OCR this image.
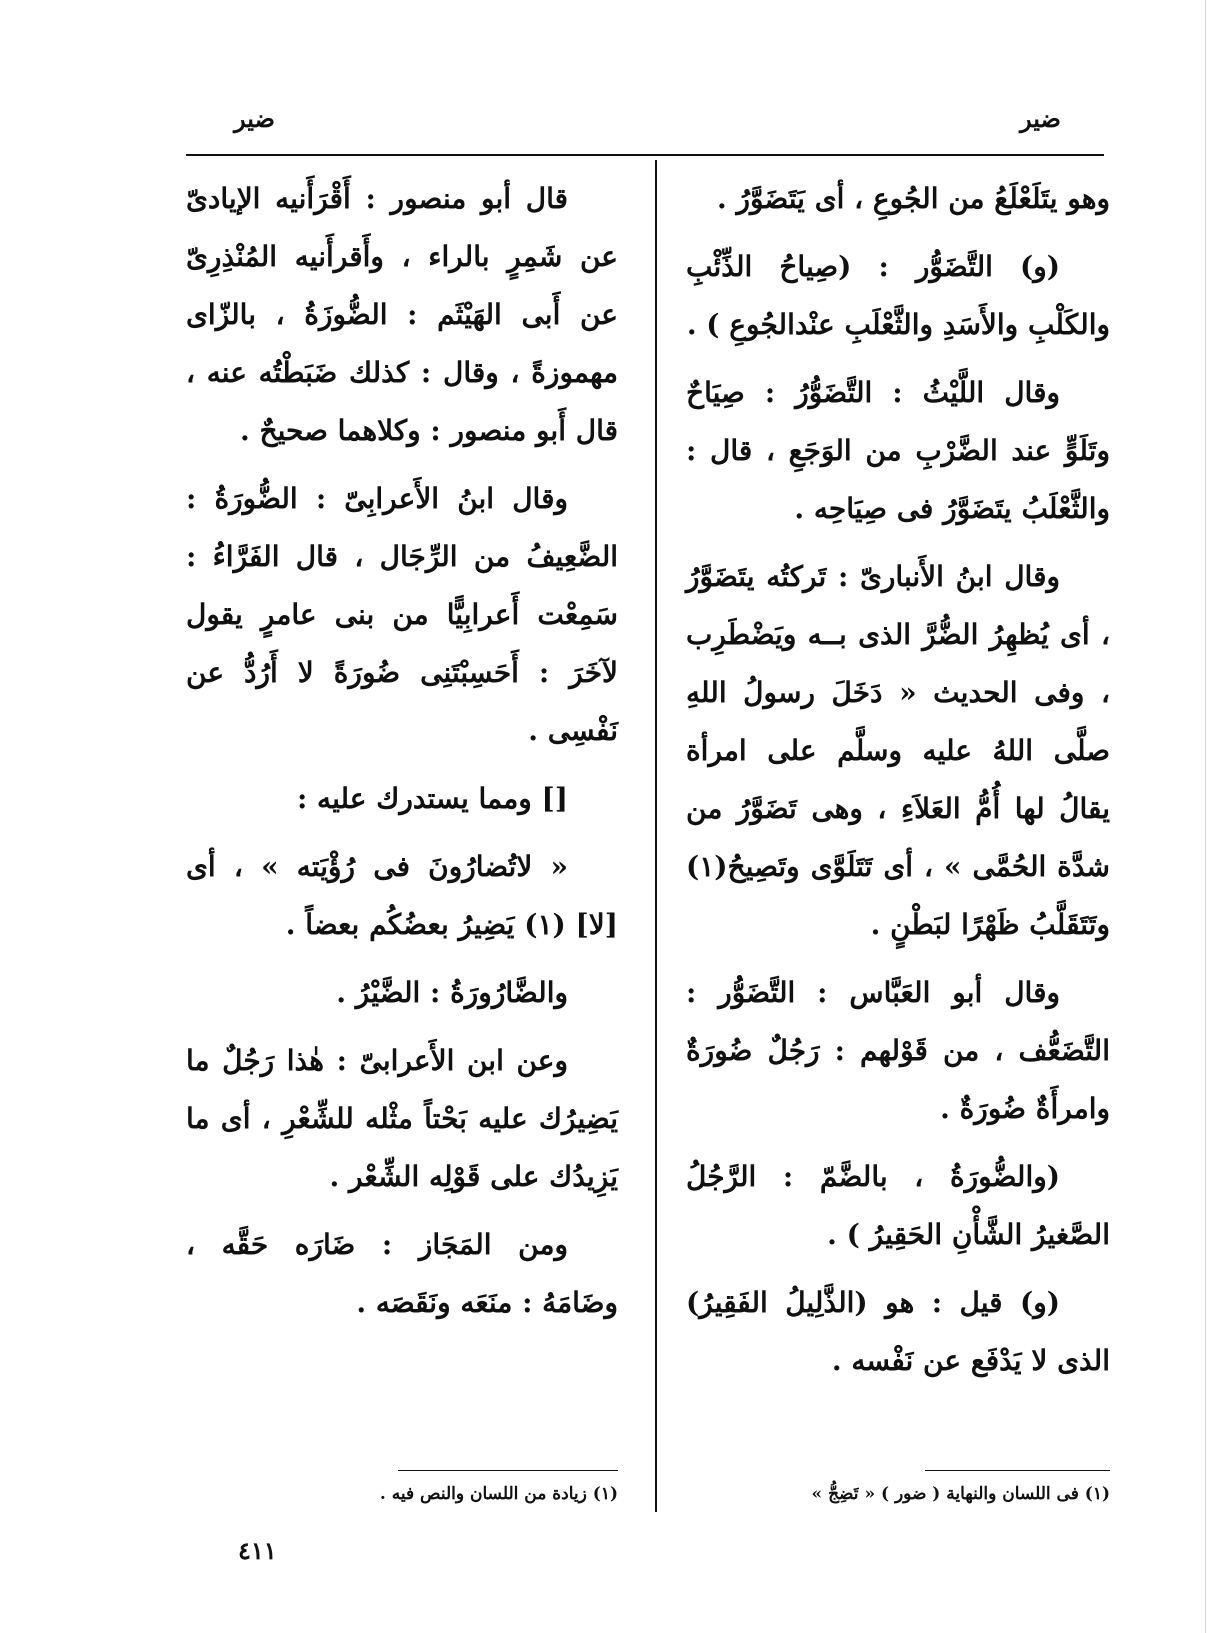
ضير
ضير

وهو يتَلَعْلَعُ من الجُوعِ ، أى يَتَضَوَّرُ .

(و) التَّضَوُّر : (صِياحُ الذِّئْبِ والكَلْبِ والأَسَدِ والثَّعْلَبِ عنْدالجُوعِ ) .

وقال اللَّيْثُ : التَّضَوُّرُ : صِيَاحٌ وتَلَوٍّ عند الضَّرْبِ من الوَجَعِ ، قال : والثَّعْلَبُ يتَضَوَّرُ فى صِيَاحِه .

وقال ابنُ الأَنبارىّ : تَركتُه يتَضَوَّرُ ، أى يُظهِرُ الضُّرَّ الذى بــه ويَضْطَرِب ، وفى الحديث « دَخَلَ رسولُ اللهِ صلَّى اللهُ عليه وسلَّم على امرأة يقالُ لها أُمُّ العَلاَءِ ، وهى تَضَوَّرُ من شدَّة الحُمَّى » ، أى تَتَلَوَّى وتَصِيحُ(١) وتَتَقَلَّبُ ظَهْرًا لبَطْنٍ .

وقال أبو العَبَّاس : التَّضَوُّر : التَّضَعُّف ، من قَوْلهم : رَجُلٌ ضُورَةٌ وامرأَةٌ ضُورَةٌ .

(والضُّورَةُ ، بالضَّمّ : الرَّجُلُ الصَّغيرُ الشَّأْنِ الحَقِيرُ ) .

(و) قيل : هو (الذَّلِيلُ الفَقِيرُ) الذى لا يَدْفَع عن نَفْسه .

قال أبو منصور : أَقْرَأَنيه الإيادىّ عن شَمِرٍ بالراء ، وأَقرأَنيه المُنْذِرِىّ عن أَبى الهَيْثَم : الضُّوزَةُ ، بالزّاى مهموزةً ، وقال : كذلك ضَبَطْتُه عنه ، قال أَبو منصور : وكلاهما صحيحٌ .

وقال ابنُ الأَعرابِىّ : الضُّورَةُ : الضَّعِيفُ من الرِّجَال ، قال الفَرَّاءُ : سَمِعْت أَعرابِيًّا من بنى عامرٍ يقول لآخَرَ : أَحَسِبْتَنِى ضُورَةً لا أَرُدُّ عن نَفْسِى .

[] ومما يستدرك عليه :

« لاتُضارُونَ فى رُؤْيَته » ، أى [لا] (١) يَضِيرُ بعضُكُم بعضاً .

والضَّارُورَةُ : الضَّيْرُ .

وعن ابن الأَعرابىّ : هٰذا رَجُلٌ ما يَضِيرُك عليه بَحْتاً مثْله للشِّعْرِ ، أى ما يَزِيدُك على قَوْلِه الشِّعْر .

ومن المَجَاز : ضَارَه حَقَّه ، وضَامَهُ : منَعَه ونَقَصَه .

(١) فى اللسان والنهاية ( ضور ) « تَضِجُّ »
(١) زيادة من اللسان والنص فيه .
٤١١
